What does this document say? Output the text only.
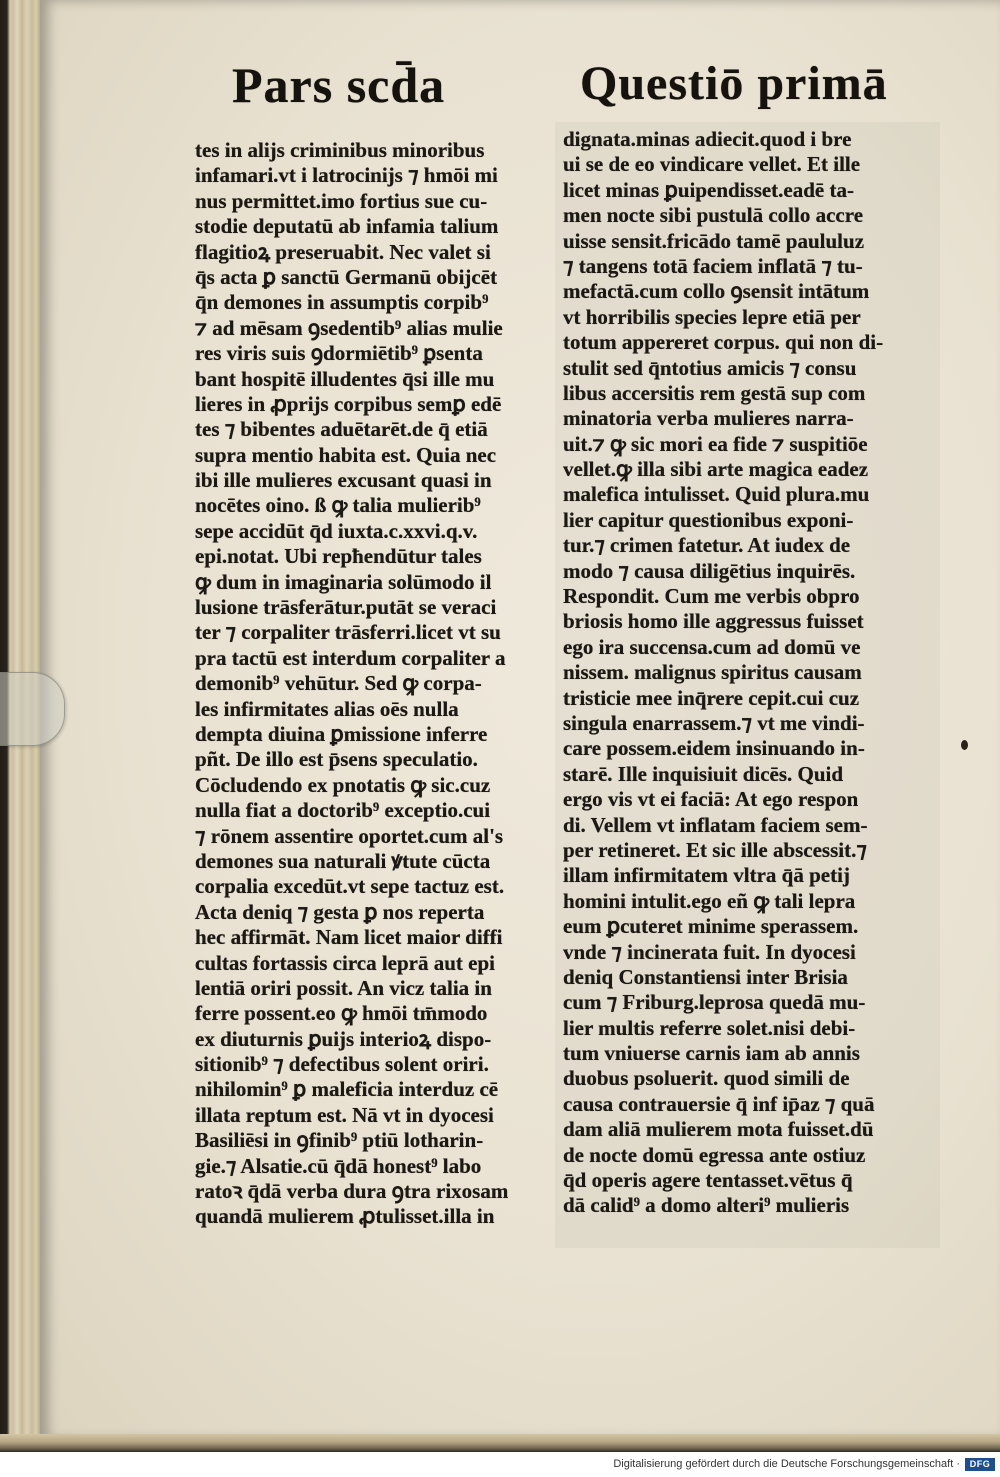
Pars scd̄a	Questiō primā
tes in alijs criminibus minoribus
infamari.vt i latrocinijs ⁊ hmōi mi
nus permittet.imo fortius sue cu-
stodie deputatū ab infamia talium
flagitioꝝ preseruabit. Nec valet si
q̄s acta ꝑ sanctū Germanū obijcēt
q̄n demones in assumptis corpib⁹
⁊ ad mēsam ꝯsedentib⁹ alias mulie
res viris suis ꝯdormiētib⁹ ꝑsenta
bant hospitē illudentes q̄si ille mu
lieres in ꝓprijs corpibus semꝑ edē
tes ⁊ bibentes aduētarēt.de q̄ etiā
supra mentio habita est. Quia nec
ibi ille mulieres excusant quasi in
nocētes oino. ß ꝙ talia mulierib⁹
sepe accidūt q̄d iuxta.c.xxvi.q.v.
epi.notat. Ubi repħendūtur tales
ꝙ dum in imaginaria solūmodo il
lusione trāsferātur.putāt se veraci
ter ⁊ corpaliter trāsferri.licet vt su
pra tactū est interdum corpaliter a
demonib⁹ vehūtur. Sed ꝙ corpa-
les infirmitates alias oēs nulla
dempta diuina ꝑmissione inferre
pñt. De illo est p̄sens speculatio.
Cōcludendo ex pnotatis ꝙ sic.cuz
nulla fiat a doctorib⁹ exceptio.cui
⁊ rōnem assentire oportet.cum al's
demones sua naturali ꝟtute cūcta
corpalia excedūt.vt sepe tactuz est.
Acta deniq ⁊ gesta ꝑ nos reperta
hec affirmāt. Nam licet maior diffi
cultas fortassis circa leprā aut epi
lentiā oriri possit. An vicz talia in
ferre possent.eo ꝙ hmōi tm̄modo
ex diuturnis ꝑuijs interioꝝ dispo-
sitionib⁹ ⁊ defectibus solent oriri.
nihilomin⁹ ꝑ maleficia interduz cē
illata reptum est. Nā vt in dyocesi
Basiliēsi in ꝯfinib⁹ ptiū lotharin-
gie.⁊ Alsatie.cū q̄dā honest⁹ labo
ratoꝛ q̄dā verba dura ꝯtra rixosam
quandā mulierem ꝓtulisset.illa in
dignata.minas adiecit.quod i bre
ui se de eo vindicare vellet. Et ille
licet minas ꝑuipendisset.eadē ta-
men nocte sibi pustulā collo accre
uisse sensit.fricādo tamē paululuz
⁊ tangens totā faciem inflatā ⁊ tu-
mefactā.cum collo ꝯsensit intātum
vt horribilis species lepre etiā per
totum appereret corpus. qui non di-
stulit sed q̄ntotius amicis ⁊ consu
libus accersitis rem gestā sup com
minatoria verba mulieres narra-
uit.⁊ ꝙ sic mori ea fide ⁊ suspitiōe
vellet.ꝙ illa sibi arte magica eadez
malefica intulisset. Quid plura.mu
lier capitur questionibus exponi-
tur.⁊ crimen fatetur. At iudex de
modo ⁊ causa diligētius inquirēs.
Respondit. Cum me verbis obpro
briosis homo ille aggressus fuisset
ego ira succensa.cum ad domū ve
nissem. malignus spiritus causam
tristicie mee inq̄rere cepit.cui cuz
singula enarrassem.⁊ vt me vindi-
care possem.eidem insinuando in-
starē. Ille inquisiuit dicēs. Quid
ergo vis vt ei faciā: At ego respon
di. Vellem vt inflatam faciem sem-
per retineret. Et sic ille abscessit.⁊
illam infirmitatem vltra q̄ā petij
homini intulit.ego eñ ꝙ tali lepra
eum ꝑcuteret minime sperassem.
vnde ⁊ incinerata fuit. In dyocesi
deniq Constantiensi inter Brisia
cum ⁊ Friburg.leprosa quedā mu-
lier multis referre solet.nisi debi-
tum vniuerse carnis iam ab annis
duobus psoluerit. quod simili de
causa contrauersie q̄ inf ip̄az ⁊ quā
dam aliā mulierem mota fuisset.dū
de nocte domū egressa ante ostiuz
q̄d operis agere tentasset.vētus q̄
dā calid⁹ a domo alteri⁹ mulieris
Digitalisierung gefördert durch die Deutsche Forschungsgemeinschaft ·	DFG
